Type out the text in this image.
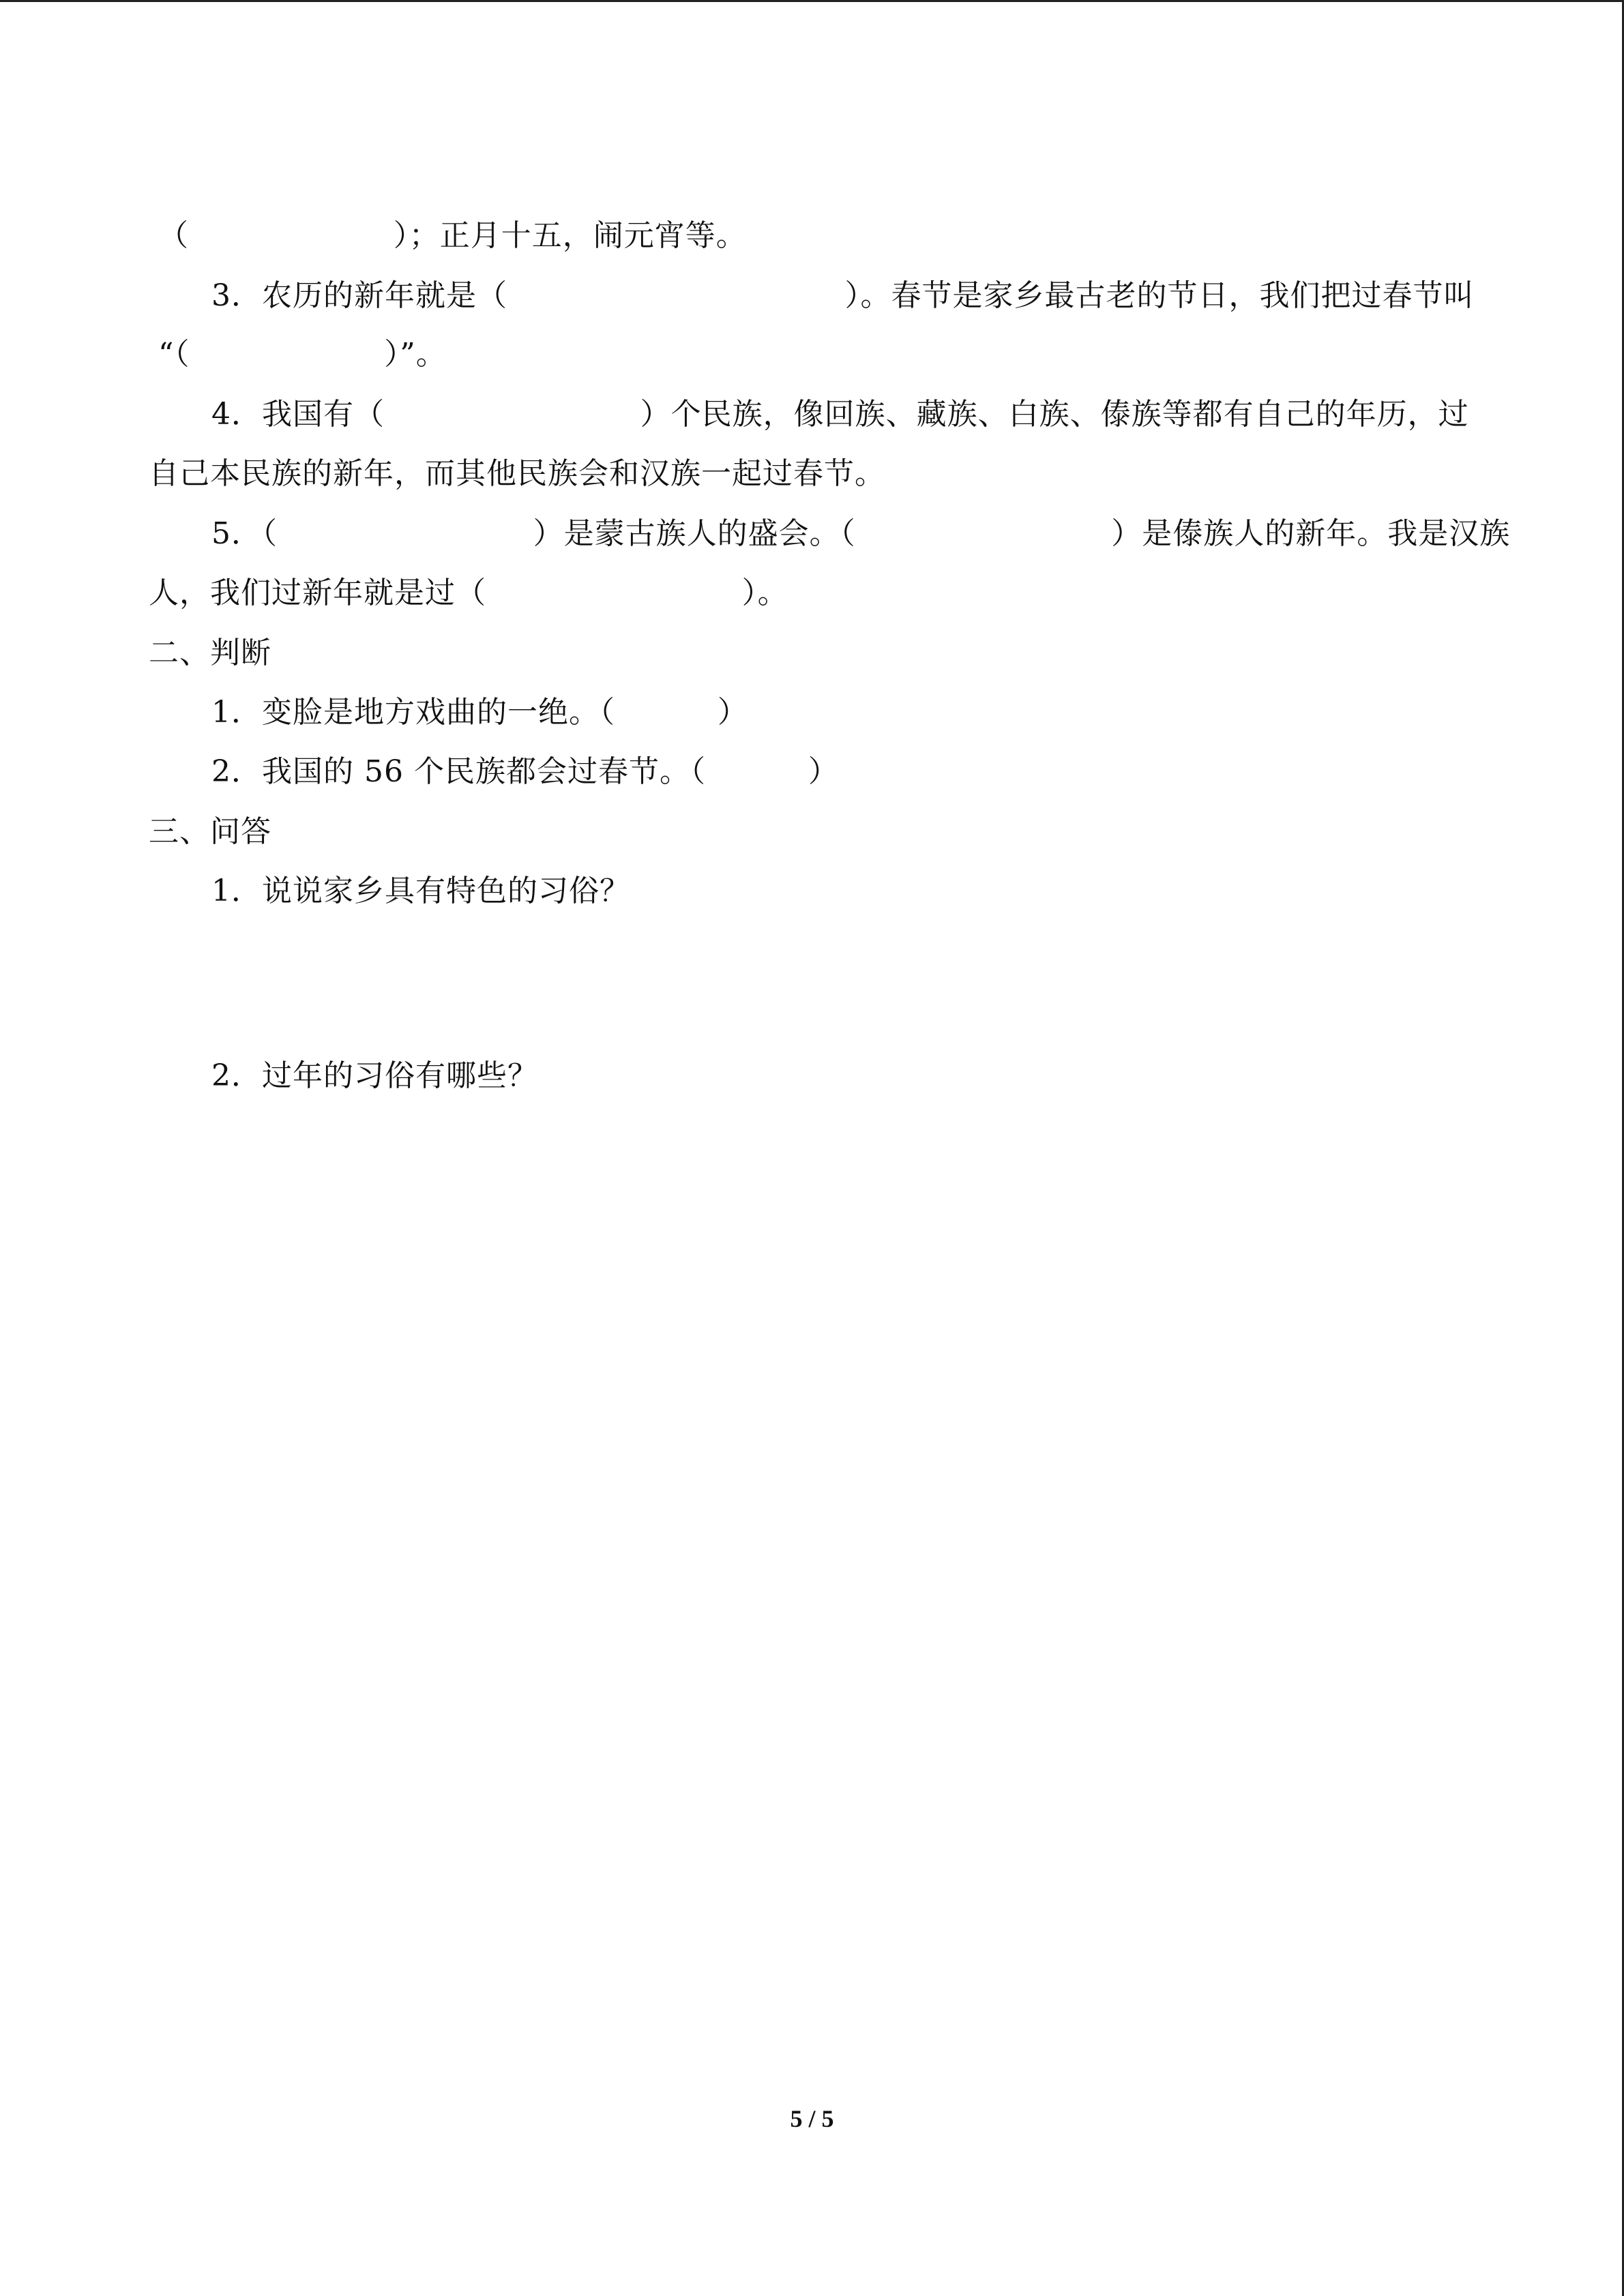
（                    ）；正月十五，闹元宵等。
3．农历的新年就是（                                 ）。春节是家乡最古老的节日，我们把过春节叫
“（                   ）”。
4．我国有（                         ）个民族，像回族、藏族、白族、傣族等都有自己的年历，过
自己本民族的新年，而其他民族会和汉族一起过春节。
5．（                         ）是蒙古族人的盛会。（                         ）是傣族人的新年。我是汉族
人，我们过新年就是过（                         ）。
二、判断
1．变脸是地方戏曲的一绝。（          ）
2．我国的 56 个民族都会过春节。（          ）
三、问答
1．说说家乡具有特色的习俗？
2．过年的习俗有哪些？
5 / 5
